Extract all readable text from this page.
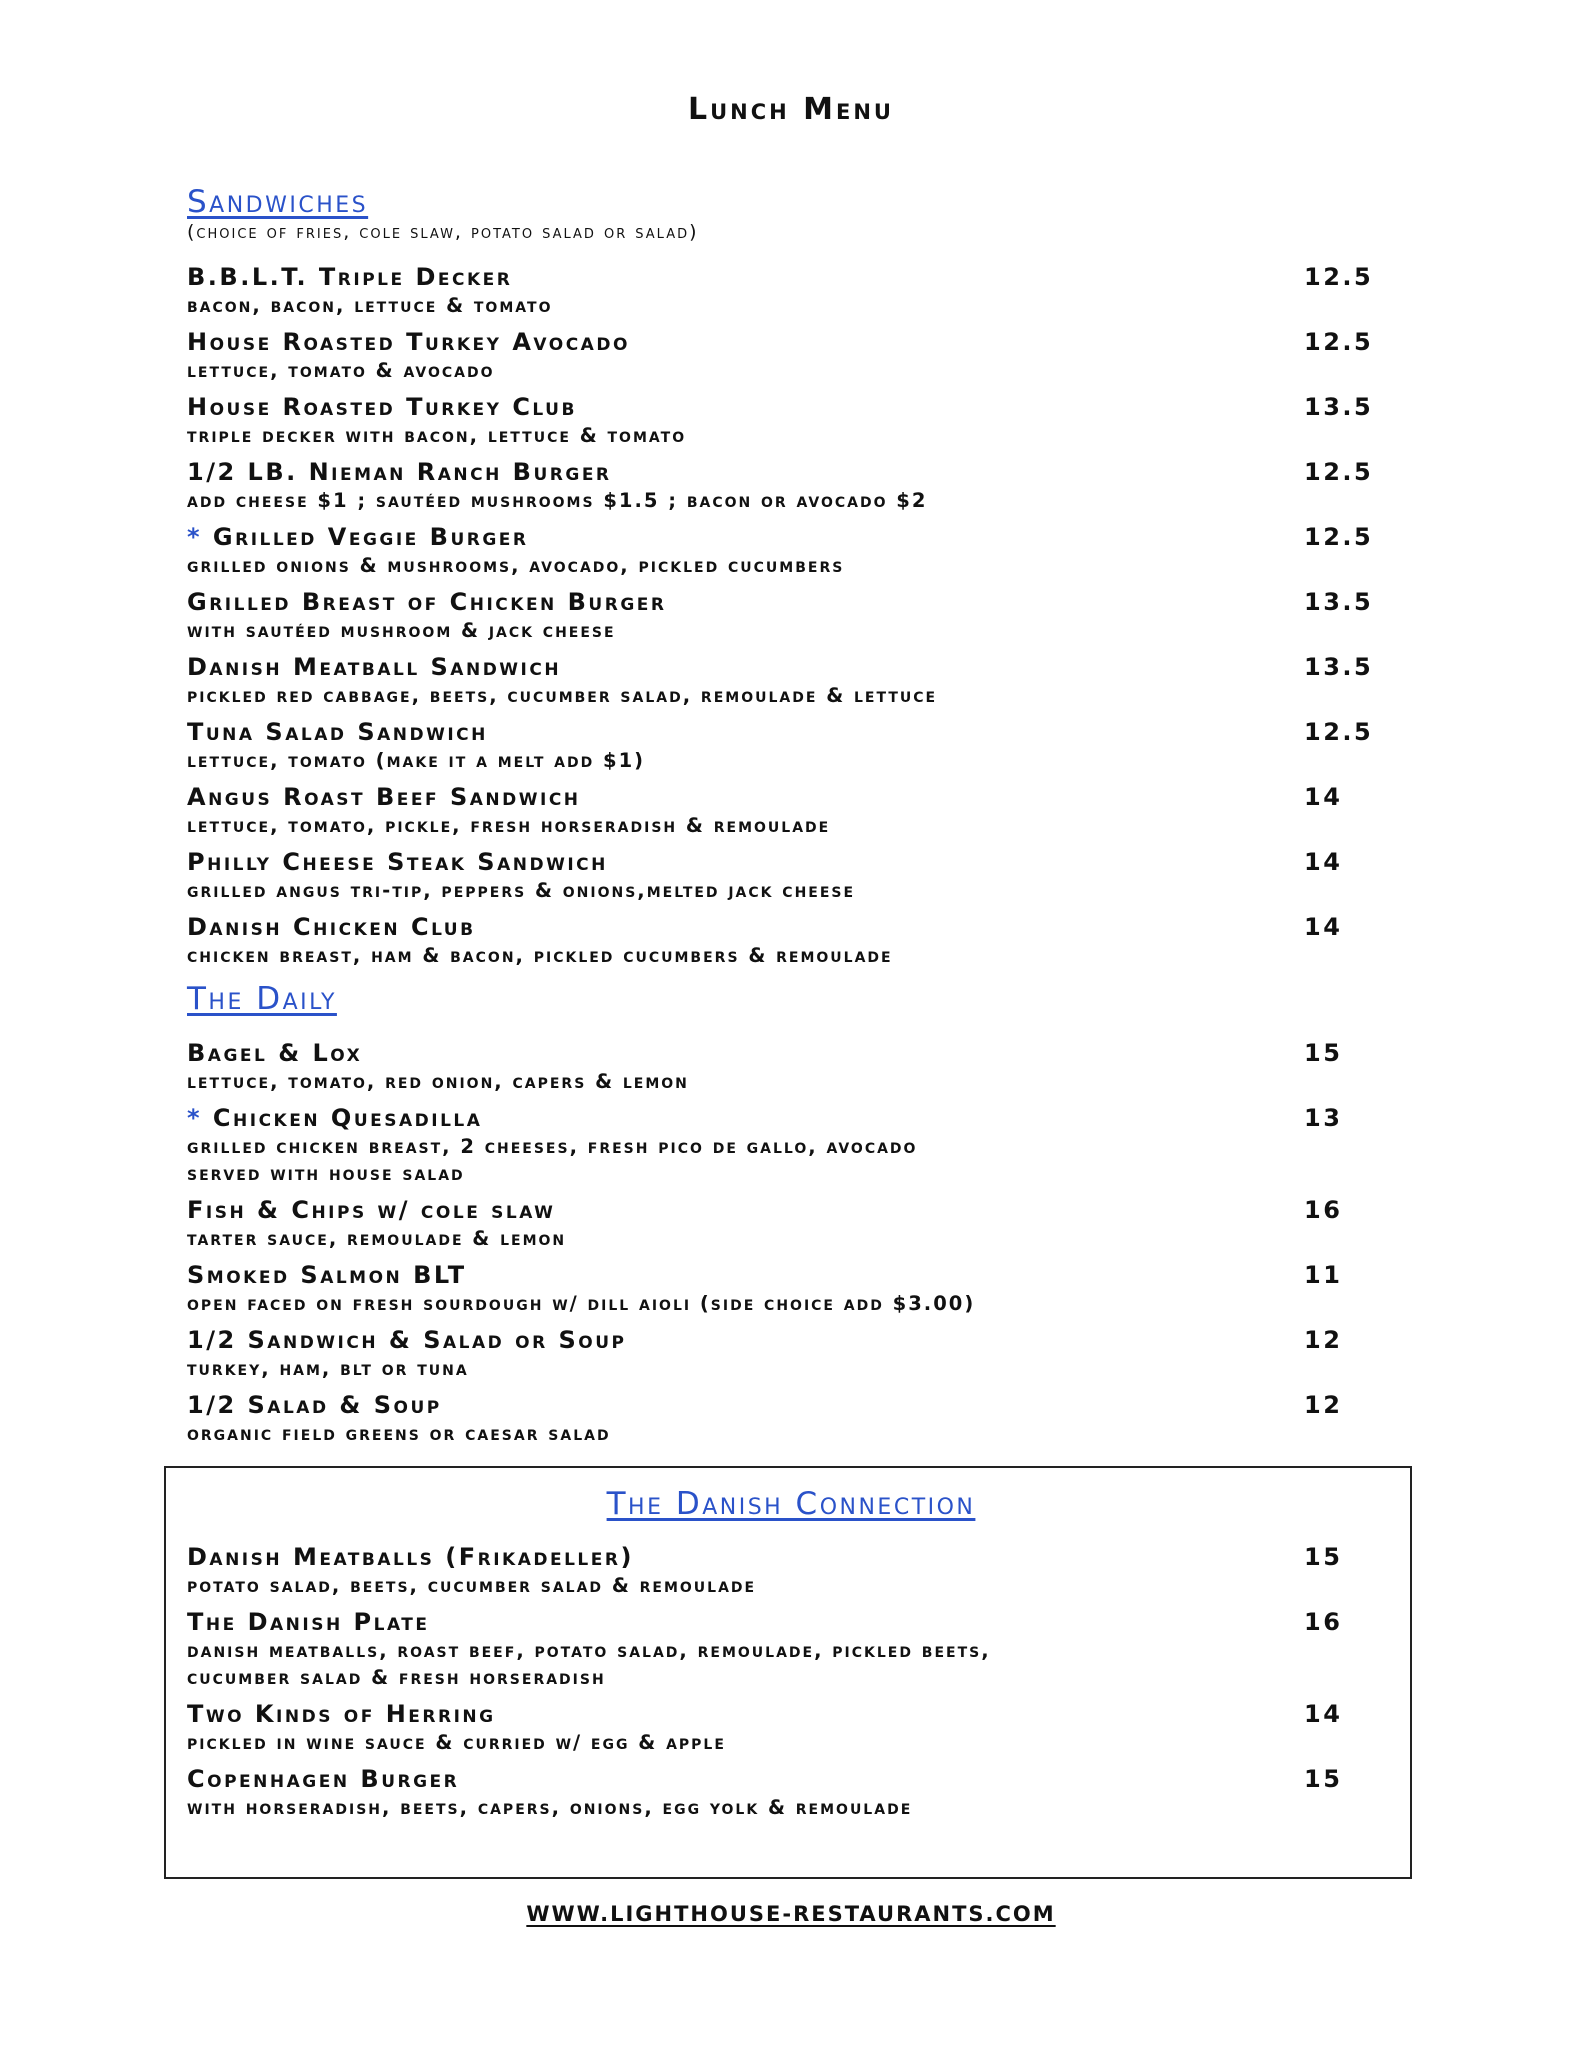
Lunch Menu
Sandwiches
(choice of fries, cole slaw, potato salad or salad)
B.B.L.T. Triple Decker
bacon, bacon, lettuce & tomato
12.5
House Roasted Turkey Avocado
lettuce, tomato & avocado
12.5
House Roasted Turkey Club
triple decker with bacon, lettuce & tomato
13.5
1/2 LB. Nieman Ranch Burger
add cheese $1 ; sautéed mushrooms $1.5 ; bacon or avocado $2
12.5
* Grilled Veggie Burger
grilled onions & mushrooms, avocado, pickled cucumbers
12.5
Grilled Breast of Chicken Burger
with sautéed mushroom & jack cheese
13.5
Danish Meatball Sandwich
pickled red cabbage, beets, cucumber salad, remoulade & lettuce
13.5
Tuna Salad Sandwich
lettuce, tomato (make it a melt add $1)
12.5
Angus Roast Beef Sandwich
lettuce, tomato, pickle, fresh horseradish & remoulade
14
Philly Cheese Steak Sandwich
grilled angus tri-tip, peppers & onions,melted jack cheese
14
Danish Chicken Club
chicken breast, ham & bacon, pickled cucumbers & remoulade
14
The Daily
Bagel & Lox
lettuce, tomato, red onion, capers & lemon
15
* Chicken Quesadilla
grilled chicken breast, 2 cheeses, fresh pico de gallo, avocado
served with house salad
13
Fish & Chips w/ cole slaw
tarter sauce, remoulade & lemon
16
Smoked Salmon BLT
open faced on fresh sourdough w/ dill aioli (side choice add $3.00)
11
1/2 Sandwich & Salad or Soup
turkey, ham, blt or tuna
12
1/2 Salad & Soup
organic field greens or caesar salad
12
The Danish Connection
Danish Meatballs (Frikadeller)
potato salad, beets, cucumber salad & remoulade
15
The Danish Plate
danish meatballs, roast beef, potato salad, remoulade, pickled beets,
cucumber salad & fresh horseradish
16
Two Kinds of Herring
pickled in wine sauce & curried w/ egg & apple
14
Copenhagen Burger
with horseradish, beets, capers, onions, egg yolk & remoulade
15
WWW.LIGHTHOUSE-RESTAURANTS.COM
